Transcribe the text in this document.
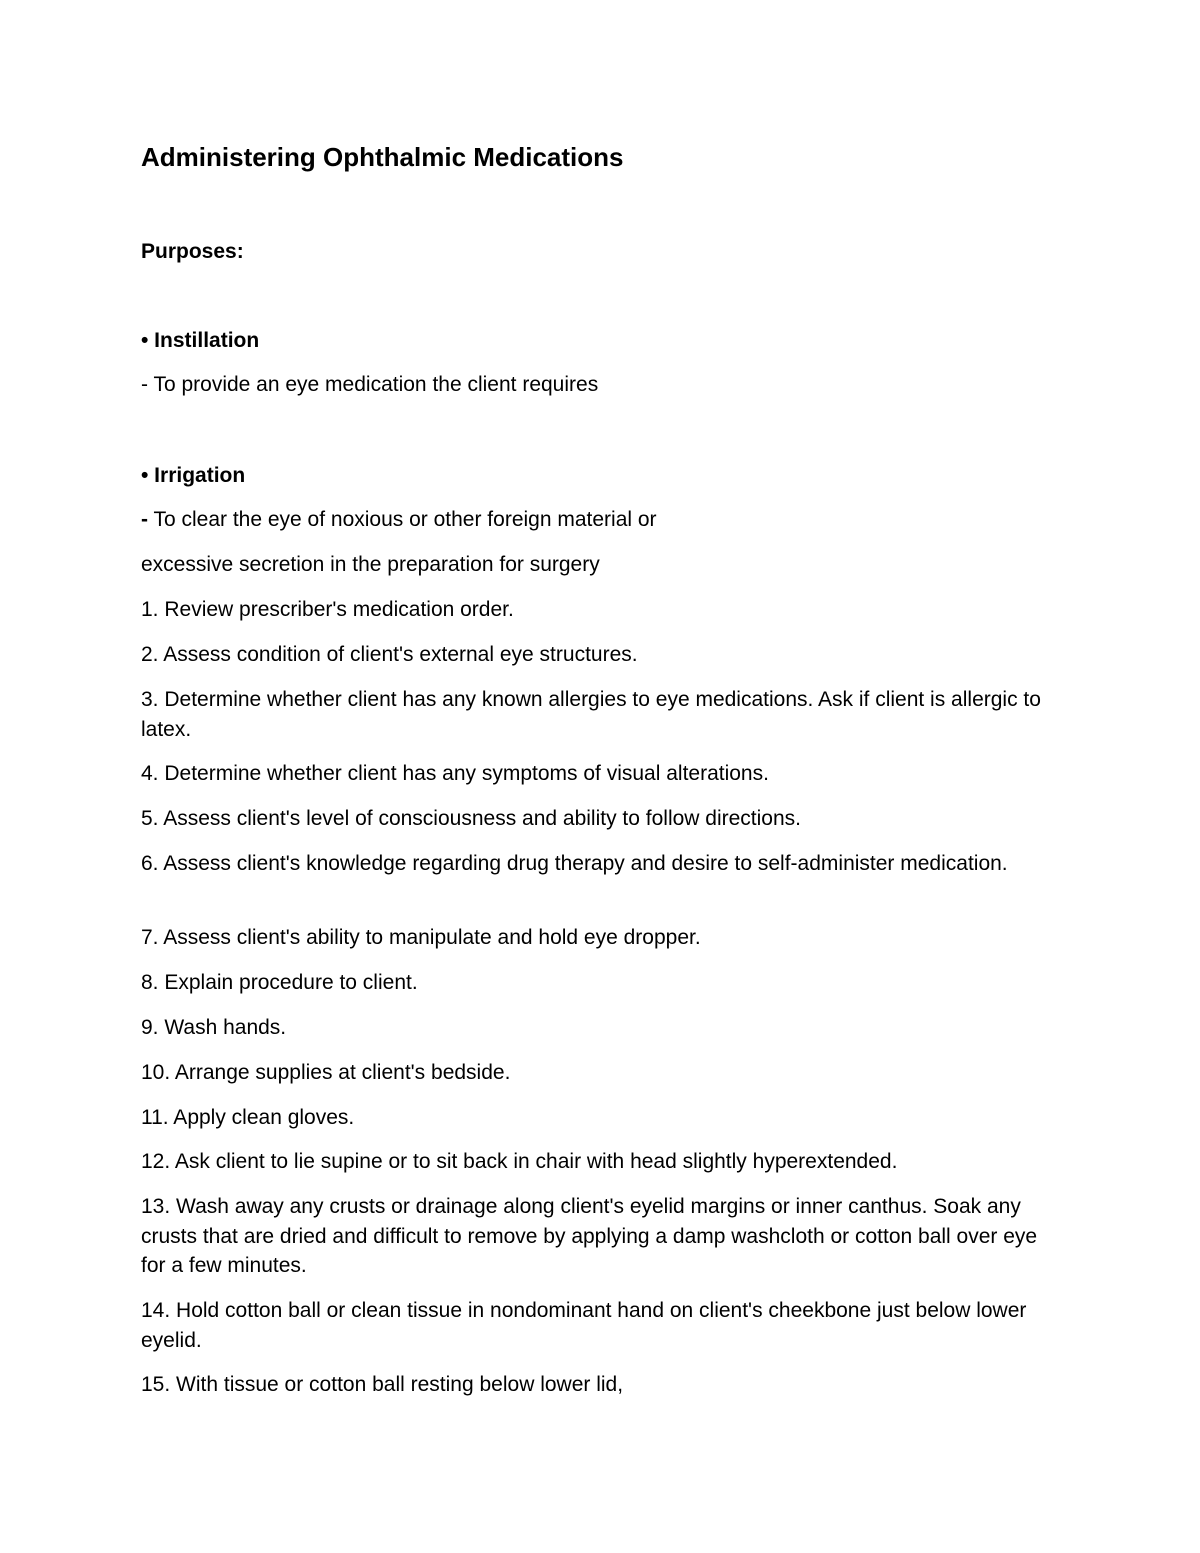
Administering Ophthalmic Medications
Purposes:
• Instillation
- To provide an eye medication the client requires
• Irrigation
- To clear the eye of noxious or other foreign material or
excessive secretion in the preparation for surgery
1. Review prescriber's medication order.
2. Assess condition of client's external eye structures.
3. Determine whether client has any known allergies to eye medications. Ask if client is allergic to latex.
4. Determine whether client has any symptoms of visual alterations.
5. Assess client's level of consciousness and ability to follow directions.
6. Assess client's knowledge regarding drug therapy and desire to self-administer medication.
7. Assess client's ability to manipulate and hold eye dropper.
8. Explain procedure to client.
9. Wash hands.
10. Arrange supplies at client's bedside.
11. Apply clean gloves.
12. Ask client to lie supine or to sit back in chair with head slightly hyperextended.
13. Wash away any crusts or drainage along client's eyelid margins or inner canthus. Soak any crusts that are dried and difficult to remove by applying a damp washcloth or cotton ball over eye for a few minutes.
14. Hold cotton ball or clean tissue in nondominant hand on client's cheekbone just below lower eyelid.
15. With tissue or cotton ball resting below lower lid,
